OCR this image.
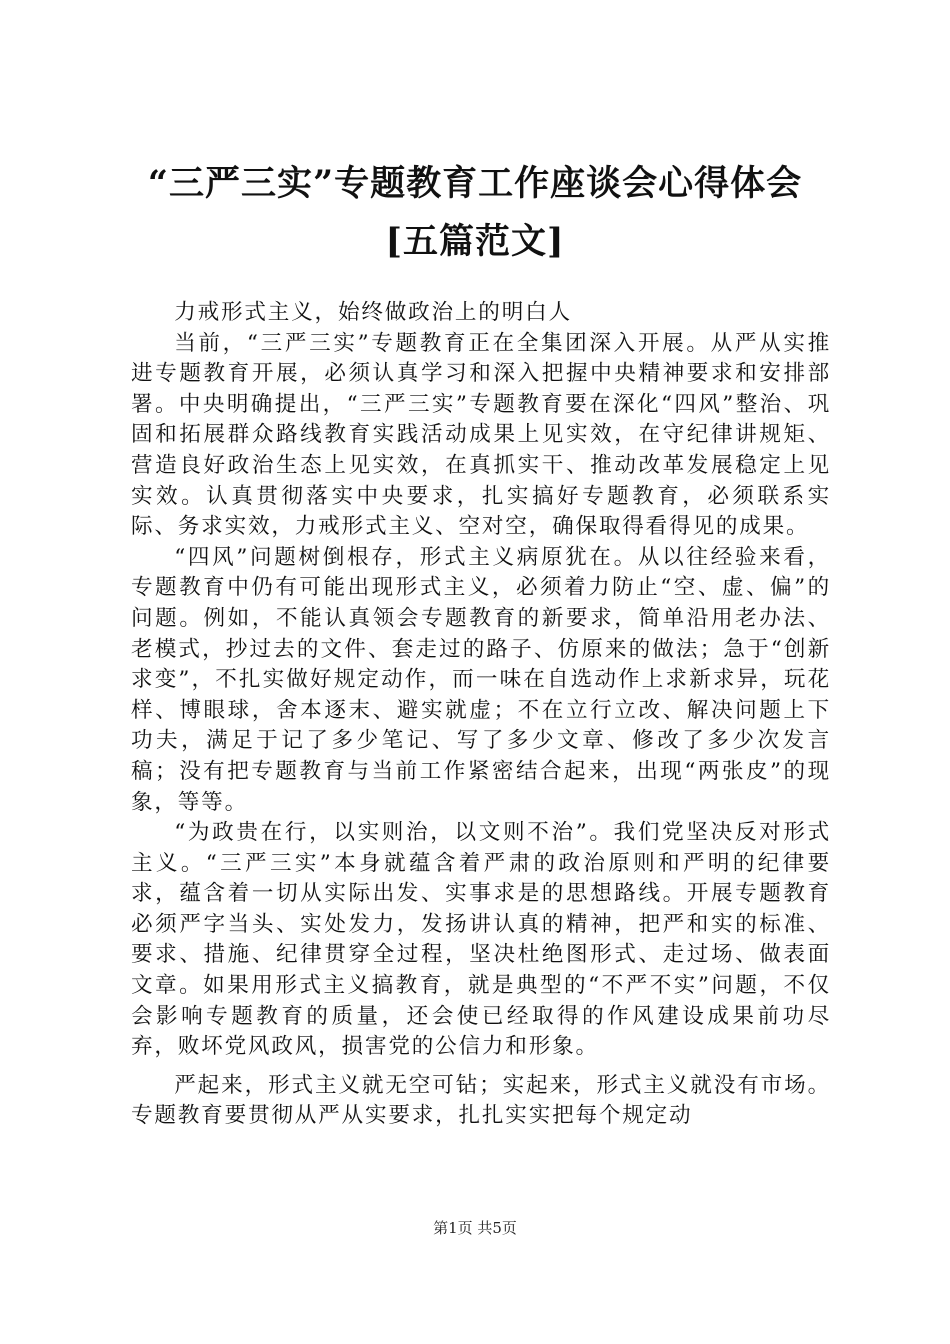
“三严三实”专题教育工作座谈会心得体会
[五篇范文]

力戒形式主义，始终做政治上的明白人

当前，“三严三实”专题教育正在全集团深入开展。从严从实推进专题教育开展，必须认真学习和深入把握中央精神要求和安排部署。中央明确提出，“三严三实”专题教育要在深化“四风”整治、巩固和拓展群众路线教育实践活动成果上见实效，在守纪律讲规矩、营造良好政治生态上见实效，在真抓实干、推动改革发展稳定上见实效。认真贯彻落实中央要求，扎实搞好专题教育，必须联系实际、务求实效，力戒形式主义、空对空，确保取得看得见的成果。

“四风”问题树倒根存，形式主义病原犹在。从以往经验来看，专题教育中仍有可能出现形式主义，必须着力防止“空、虚、偏”的问题。例如，不能认真领会专题教育的新要求，简单沿用老办法、老模式，抄过去的文件、套走过的路子、仿原来的做法；急于“创新求变”，不扎实做好规定动作，而一味在自选动作上求新求异，玩花样、博眼球，舍本逐末、避实就虚；不在立行立改、解决问题上下功夫，满足于记了多少笔记、写了多少文章、修改了多少次发言稿；没有把专题教育与当前工作紧密结合起来，出现“两张皮”的现象，等等。

“为政贵在行，以实则治，以文则不治”。我们党坚决反对形式主义。“三严三实”本身就蕴含着严肃的政治原则和严明的纪律要求，蕴含着一切从实际出发、实事求是的思想路线。开展专题教育必须严字当头、实处发力，发扬讲认真的精神，把严和实的标准、要求、措施、纪律贯穿全过程，坚决杜绝图形式、走过场、做表面文章。如果用形式主义搞教育，就是典型的“不严不实”问题，不仅会影响专题教育的质量，还会使已经取得的作风建设成果前功尽弃，败坏党风政风，损害党的公信力和形象。

严起来，形式主义就无空可钻；实起来，形式主义就没有市场。专题教育要贯彻从严从实要求，扎扎实实把每个规定动

第1页 共5页
